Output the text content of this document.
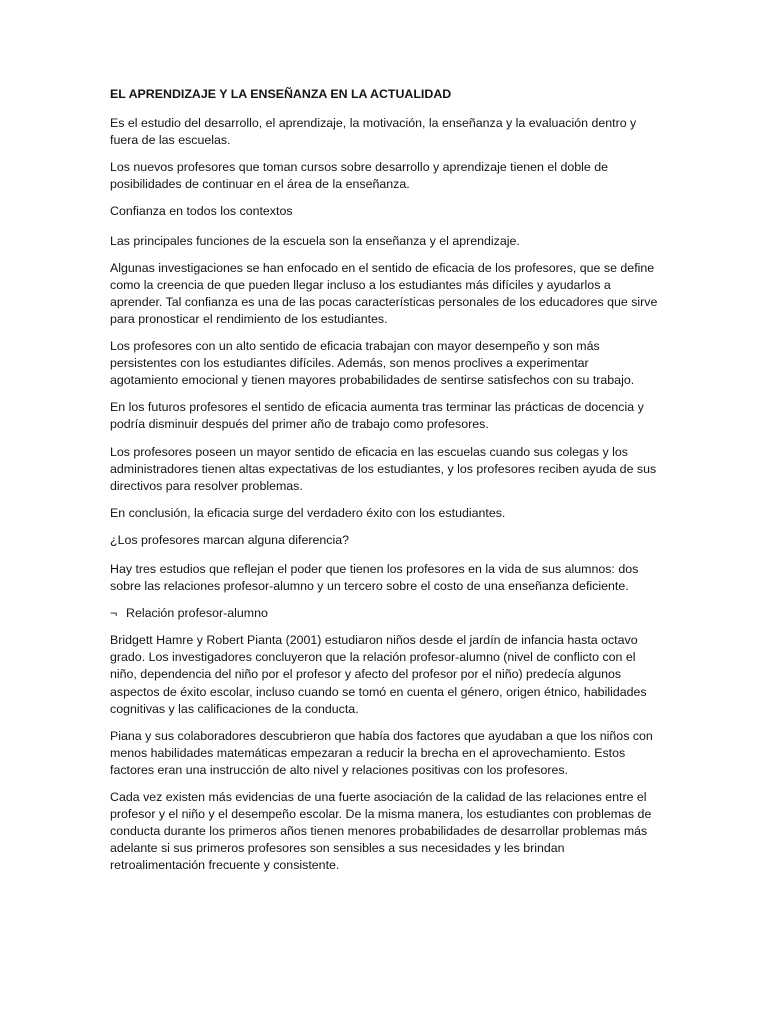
EL APRENDIZAJE Y LA ENSEÑANZA EN LA ACTUALIDAD

Es el estudio del desarrollo, el aprendizaje, la motivación, la enseñanza y la evaluación dentro y fuera de las escuelas.

Los nuevos profesores que toman cursos sobre desarrollo y aprendizaje tienen el doble de posibilidades de continuar en el área de la enseñanza.

Confianza en todos los contextos

Las principales funciones de la escuela son la enseñanza y el aprendizaje.

Algunas investigaciones se han enfocado en el sentido de eficacia de los profesores, que se define como la creencia de que pueden llegar incluso a los estudiantes más difíciles y ayudarlos a aprender. Tal confianza es una de las pocas características personales de los educadores que sirve para pronosticar el rendimiento de los estudiantes.

Los profesores con un alto sentido de eficacia trabajan con mayor desempeño y son más persistentes con los estudiantes difíciles. Además, son menos proclives a experimentar agotamiento emocional y tienen mayores probabilidades de sentirse satisfechos con su trabajo.

En los futuros profesores el sentido de eficacia aumenta tras terminar las prácticas de docencia y podría disminuir después del primer año de trabajo como profesores.

Los profesores poseen un mayor sentido de eficacia en las escuelas cuando sus colegas y los administradores tienen altas expectativas de los estudiantes, y los profesores reciben ayuda de sus directivos para resolver problemas.

En conclusión, la eficacia surge del verdadero éxito con los estudiantes.

¿Los profesores marcan alguna diferencia?

Hay tres estudios que reflejan el poder que tienen los profesores en la vida de sus alumnos: dos sobre las relaciones profesor-alumno y un tercero sobre el costo de una enseñanza deficiente.

¬ Relación profesor-alumno

Bridgett Hamre y Robert Pianta (2001) estudiaron niños desde el jardín de infancia hasta octavo grado. Los investigadores concluyeron que la relación profesor-alumno (nivel de conflicto con el niño, dependencia del niño por el profesor y afecto del profesor por el niño) predecía algunos aspectos de éxito escolar, incluso cuando se tomó en cuenta el género, origen étnico, habilidades cognitivas y las calificaciones de la conducta.

Piana y sus colaboradores descubrieron que había dos factores que ayudaban a que los niños con menos habilidades matemáticas empezaran a reducir la brecha en el aprovechamiento. Estos factores eran una instrucción de alto nivel y relaciones positivas con los profesores.

Cada vez existen más evidencias de una fuerte asociación de la calidad de las relaciones entre el profesor y el niño y el desempeño escolar. De la misma manera, los estudiantes con problemas de conducta durante los primeros años tienen menores probabilidades de desarrollar problemas más adelante si sus primeros profesores son sensibles a sus necesidades y les brindan retroalimentación frecuente y consistente.
